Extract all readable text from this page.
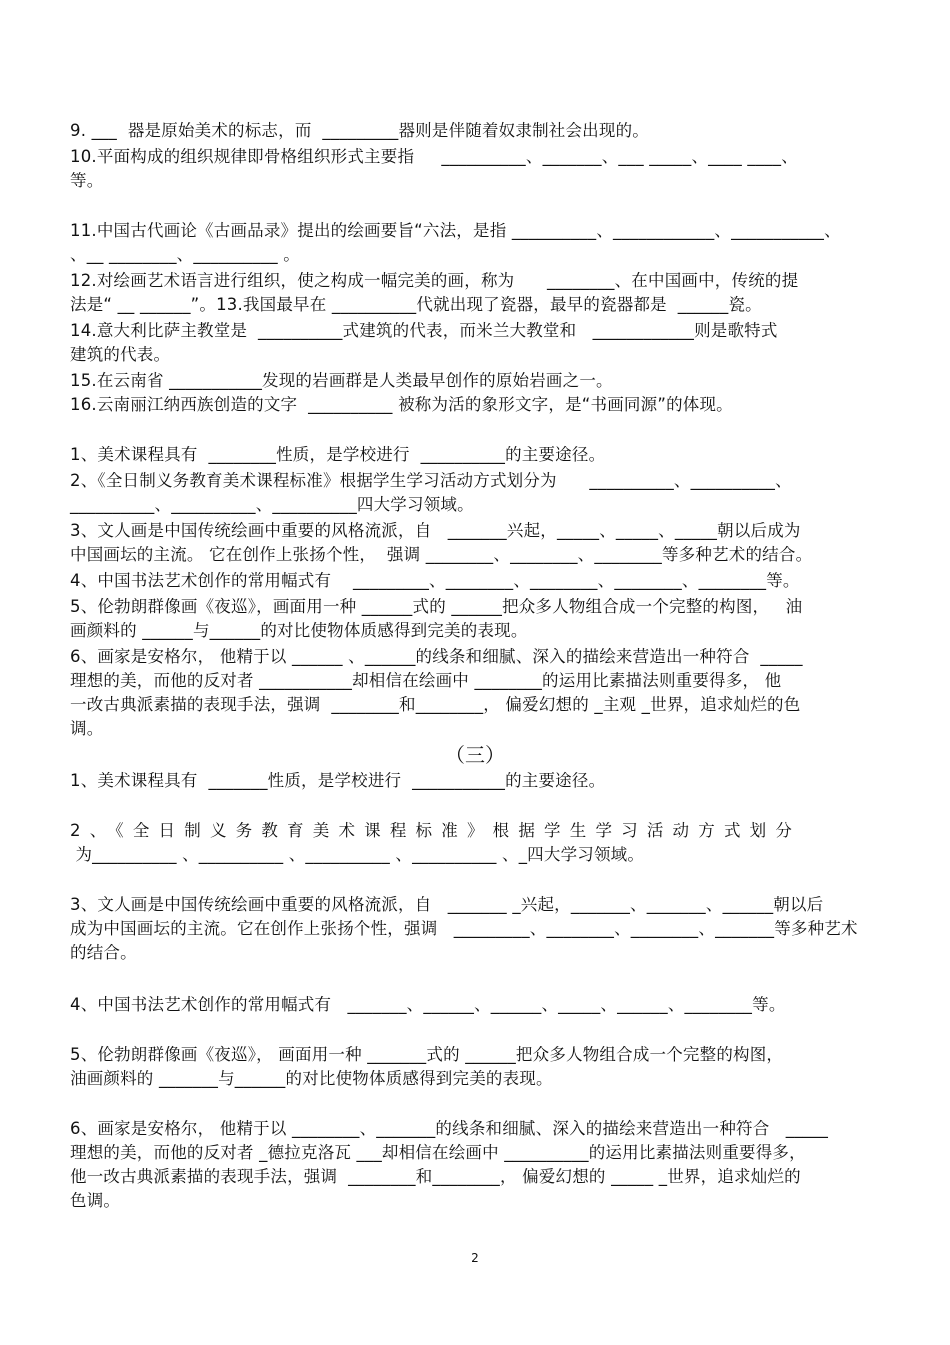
9. ___  器是原始美术的标志，而  _________器则是伴随着奴隶制社会出现的。
10.平面构成的组织规律即骨格组织形式主要指     __________、_______、___ _____、____ ____、
等。
11.中国古代画论《古画品录》提出的绘画要旨“六法，是指 __________、____________、___________、
、__ ________、__________ 。
12.对绘画艺术语言进行组织，使之构成一幅完美的画，称为      ________、在中国画中，传统的提
法是“ __ ______”。13.我国最早在 __________代就出现了瓷器，最早的瓷器都是  ______瓷。
14.意大利比萨主教堂是  __________式建筑的代表，而米兰大教堂和   ____________则是歌特式
建筑的代表。
15.在云南省 ___________发现的岩画群是人类最早创作的原始岩画之一。
16.云南丽江纳西族创造的文字  __________ 被称为活的象形文字，是“书画同源”的体现。
1、美术课程具有  ________性质，是学校进行  __________的主要途径。
2、《全日制义务教育美术课程标准》根据学生学习活动方式划分为      __________、__________、
__________、__________、__________四大学习领域。
3、文人画是中国传统绘画中重要的风格流派，自   _______兴起，_____、_____、_____朝以后成为
中国画坛的主流。 它在创作上张扬个性，  强调 ________、________、________等多种艺术的结合。
4、中国书法艺术创作的常用幅式有    _________、________、________、________、________等。
5、伦勃朗群像画《夜巡》，画面用一种 ______式的 ______把众多人物组合成一个完整的构图，   油
画颜料的 ______与______的对比使物体质感得到完美的表现。
6、画家是安格尔， 他精于以 ______ 、______的线条和细腻、深入的描绘来营造出一种符合  _____
理想的美，而他的反对者 ___________却相信在绘画中 ________的运用比素描法则重要得多， 他
一改古典派素描的表现手法，强调  ________和________， 偏爱幻想的 _主观 _世界，追求灿烂的色
调。
（三）
1、美术课程具有  _______性质，是学校进行  ___________的主要途径。
2、《全日制义务教育美术课程标准》根据学生学习活动方式划分
为__________ 、__________ 、__________ 、__________ 、_四大学习领域。
3、文人画是中国传统绘画中重要的风格流派，自   _______ _兴起，_______、_______、______朝以后
成为中国画坛的主流。它在创作上张扬个性，强调   _________、________、________、_______等多种艺术
的结合。
4、中国书法艺术创作的常用幅式有   _______、______、______、_____、______、________等。
5、伦勃朗群像画《夜巡》， 画面用一种 _______式的 ______把众多人物组合成一个完整的构图，
油画颜料的 _______与______的对比使物体质感得到完美的表现。
6、画家是安格尔， 他精于以 ________、_______的线条和细腻、深入的描绘来营造出一种符合   _____
理想的美，而他的反对者 _德拉克洛瓦 ___却相信在绘画中 __________的运用比素描法则重要得多，
他一改古典派素描的表现手法，强调  ________和________， 偏爱幻想的 _____ _世界，追求灿烂的
色调。
2
